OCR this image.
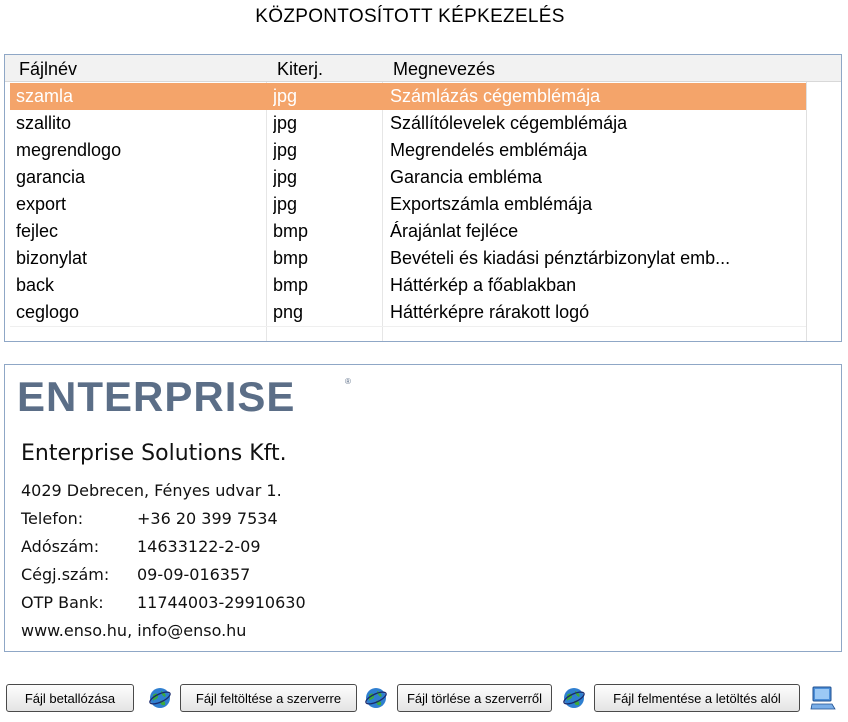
KÖZPONTOSÍTOTT KÉPKEZELÉS
Fájlnév	Kiterj.	Megnevezés
szamla	jpg	Számlázás cégemblémája
szallito	jpg	Szállítólevelek cégemblémája
megrendlogo	jpg	Megrendelés emblémája
garancia	jpg	Garancia embléma
export	jpg	Exportszámla emblémája
fejlec	bmp	Árajánlat fejléce
bizonylat	bmp	Bevételi és kiadási pénztárbizonylat emb...
back	bmp	Háttérkép a főablakban
ceglogo	png	Háttérképre rárakott logó
ENTERPRISE	®
Enterprise Solutions Kft.
4029 Debrecen, Fényes udvar 1.
Telefon:	+36 20 399 7534
Adószám: 14633122-2-09
Cégj.szám: 09-09-016357
OTP Bank: 11744003-29910630
www.enso.hu, info@enso.hu
Fájl betallózása	Fájl feltöltése a szerverre	Fájl törlése a szerverről	Fájl felmentése a letöltés alól
